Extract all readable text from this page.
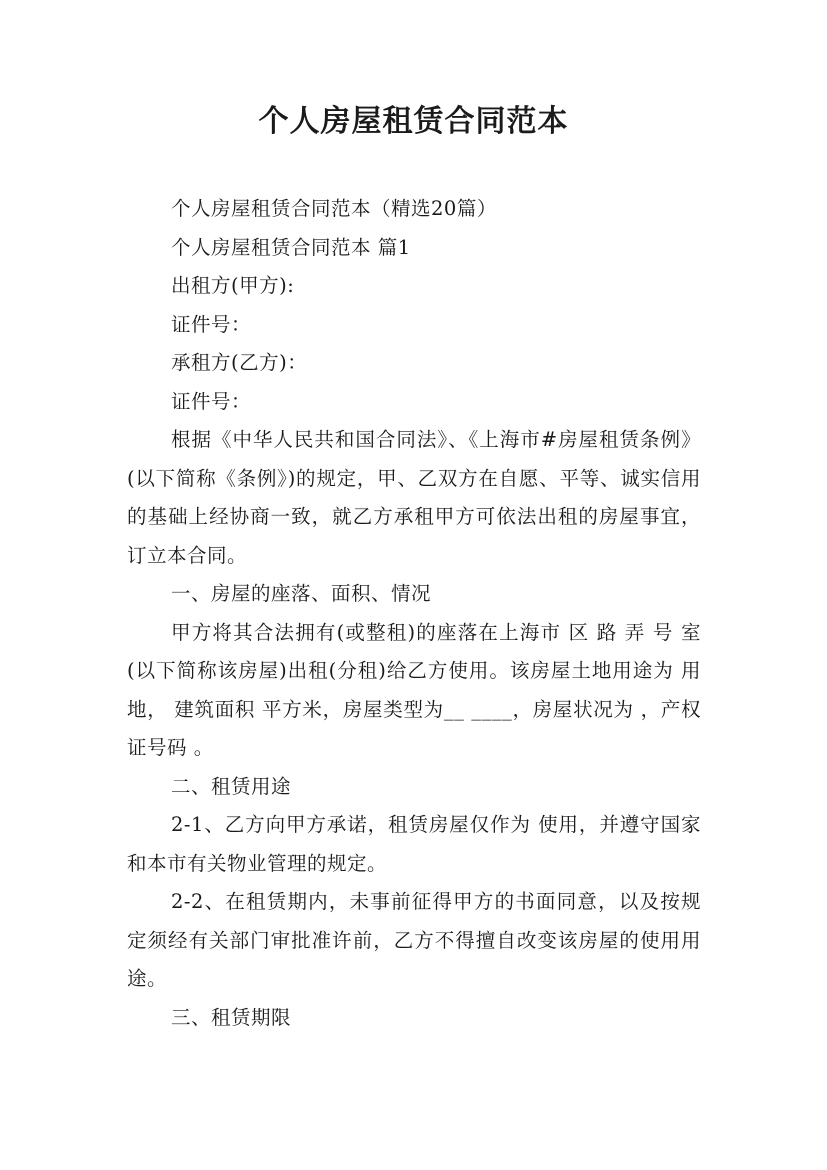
个人房屋租赁合同范本

个人房屋租赁合同范本（精选20篇）

个人房屋租赁合同范本 篇1

出租方(甲方):

证件号：

承租方(乙方)：

证件号：

根据《中华人民共和国合同法》、《上海市#房屋租赁条例》(以下简称《条例》)的规定，甲、乙双方在自愿、平等、诚实信用的基础上经协商一致，就乙方承租甲方可依法出租的房屋事宜，订立本合同。

一、房屋的座落、面积、情况

甲方将其合法拥有(或整租)的座落在上海市 区 路 弄 号 室 (以下简称该房屋)出租(分租)给乙方使用。该房屋土地用途为 用地， 建筑面积 平方米，房屋类型为__ ____，房屋状况为 ，产权证号码 。

二、租赁用途

2-1、乙方向甲方承诺，租赁房屋仅作为 使用，并遵守国家和本市有关物业管理的规定。

2-2、在租赁期内，未事前征得甲方的书面同意，以及按规定须经有关部门审批准许前，乙方不得擅自改变该房屋的使用用途。

三、租赁期限
